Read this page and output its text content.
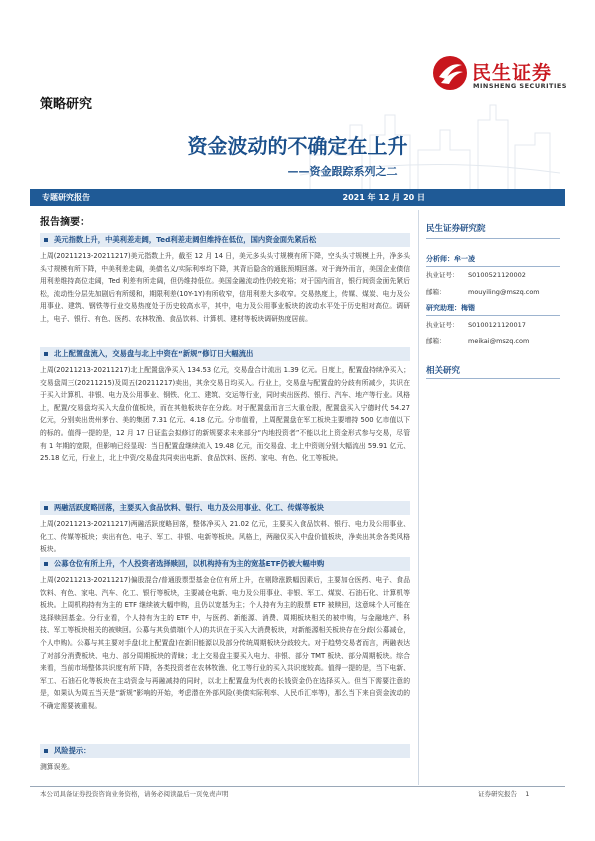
民生证券
MINSHENG SECURITIES
策略研究
资金波动的不确定在上升
——资金跟踪系列之二
专题研究报告	2021 年 12 月 20 日
报告摘要：
美元指数上升，中美利差走阔，Ted利差走阔但维持在低位，国内资金面先紧后松
上周(20211213-20211217)美元指数上升，截至 12 月 14 日，美元多头头寸规模有所下降，空头头寸规模上升，净多头头寸规模有所下降，中美利差走阔，美债名义/实际利率均下降，其背后隐含的通胀预期回落。对于海外而言，美国企业债信用利差维持高位走阔，Ted 利差有所走阔，但仍维持低位。美国金融流动性仍较充裕；对于国内而言，银行间资金面先紧后松，流动性分层先加剧后有所缓和，期限利差(10Y-1Y)有所收窄，信用利差大多收窄。交易热度上，传媒、煤炭、电力及公用事业、建筑、钢铁等行业交易热度处于历史较高水平，其中，电力及公用事业板块的波动水平处于历史相对高位。调研上，电子、银行、有色、医药、农林牧渔、食品饮料、计算机、建材等板块调研热度居前。
北上配置盘流入，交易盘与北上中资在“新规”修订日大幅流出
上周(20211213-20211217)北上配置盘净买入 134.53 亿元，交易盘合计流出 1.39 亿元。日度上，配置盘持续净买入；交易盘周三(20211215)及周五(20211217)卖出，其余交易日均买入。行业上，交易盘与配置盘的分歧有所减少，共识在于买入计算机、非银、电力及公用事业、钢铁、化工、建筑、交运等行业，同时卖出医药、银行、汽车、地产等行业。风格上，配置/交易盘均买入大盘价值板块，而在其他板块存在分歧。对于配置盘而言三大重仓股，配置盘买入宁德时代 54.27 亿元，分别卖出贵州茅台、美的集团 7.31 亿元、4.18 亿元。分市值看，上周配置盘在军工板块主要增持 500 亿市值以下的标的。值得一提的是，12 月 17 日证监会拟修订的新规要求未来部分“内地投资者”不能以北上资金形式参与交易，尽管有 1 年期的宽限，但影响已经显现：当日配置盘继续流入 19.48 亿元，而交易盘、北上中资则分别大幅流出 59.91 亿元、25.18 亿元，行业上，北上中资/交易盘共同卖出电新、食品饮料、医药、家电、有色、化工等板块。
两融活跃度略回落，主要买入食品饮料、银行、电力及公用事业、化工、传媒等板块
上周(20211213-20211217)两融活跃度略回落，整体净买入 21.02 亿元，主要买入食品饮料、银行、电力及公用事业、化工、传媒等板块；卖出有色、电子、军工、非银、电新等板块。风格上，两融仅买入中盘价值板块，净卖出其余各类风格板块。
公募仓位有所上升，个人投资者选择赎回，以机构持有为主的宽基ETF仍被大幅申购
上周(20211213-20211217)偏股混合/普通股票型基金仓位有所上升，在剔除涨跌幅因素后，主要加仓医药、电子、食品饮料、有色、家电、汽车、化工、银行等板块，主要减仓电新、电力及公用事业、非银、军工、煤炭、石油石化、计算机等板块。上周机构持有为主的 ETF 继续被大幅申购，且仍以宽基为主；个人持有为主的股票 ETF 被赎回，这意味个人可能在选择赎回基金。分行业看，个人持有为主的 ETF 中，与医药、新能源、消费、周期板块相关的被申购，与金融地产、科技、军工等板块相关的被赎回。公募与其负债端(个人)的共识在于买入大消费板块，对新能源相关板块存在分歧(公募减仓，个人申购)。公募与其主要对手盘(北上配置盘)在新旧能源以及部分传统周期板块分歧较大。对于趋势交易者而言，两融表达了对部分消费板块、电力、部分周期板块的青睐；北上交易盘主要买入电力、非银、部分 TMT 板块、部分周期板块。综合来看，当前市场整体共识度有所下降，各类投资者在农林牧渔、化工等行业的买入共识度较高。值得一提的是，当下电新、军工、石油石化等板块在主动资金与再融减持的同时，以北上配置盘为代表的长钱资金仍在选择买入。但当下需要注意的是，如果认为周五当天是“新规”影响的开始，考虑潜在外部风险(美债实际利率、人民币汇率等)，那么当下来自资金波动的不确定需要被重视。
风险提示：
测算误差。
民生证券研究院
分析师：牟一凌
执业证号： S0100521120002
邮箱：	mouyiling@mszq.com
研究助理：梅锴
执业证号： S0100121120017
邮箱：	meikai@mszq.com
相关研究
本公司具备证券投资咨询业务资格，请务必阅读最后一页免责声明	证券研究报告 1
